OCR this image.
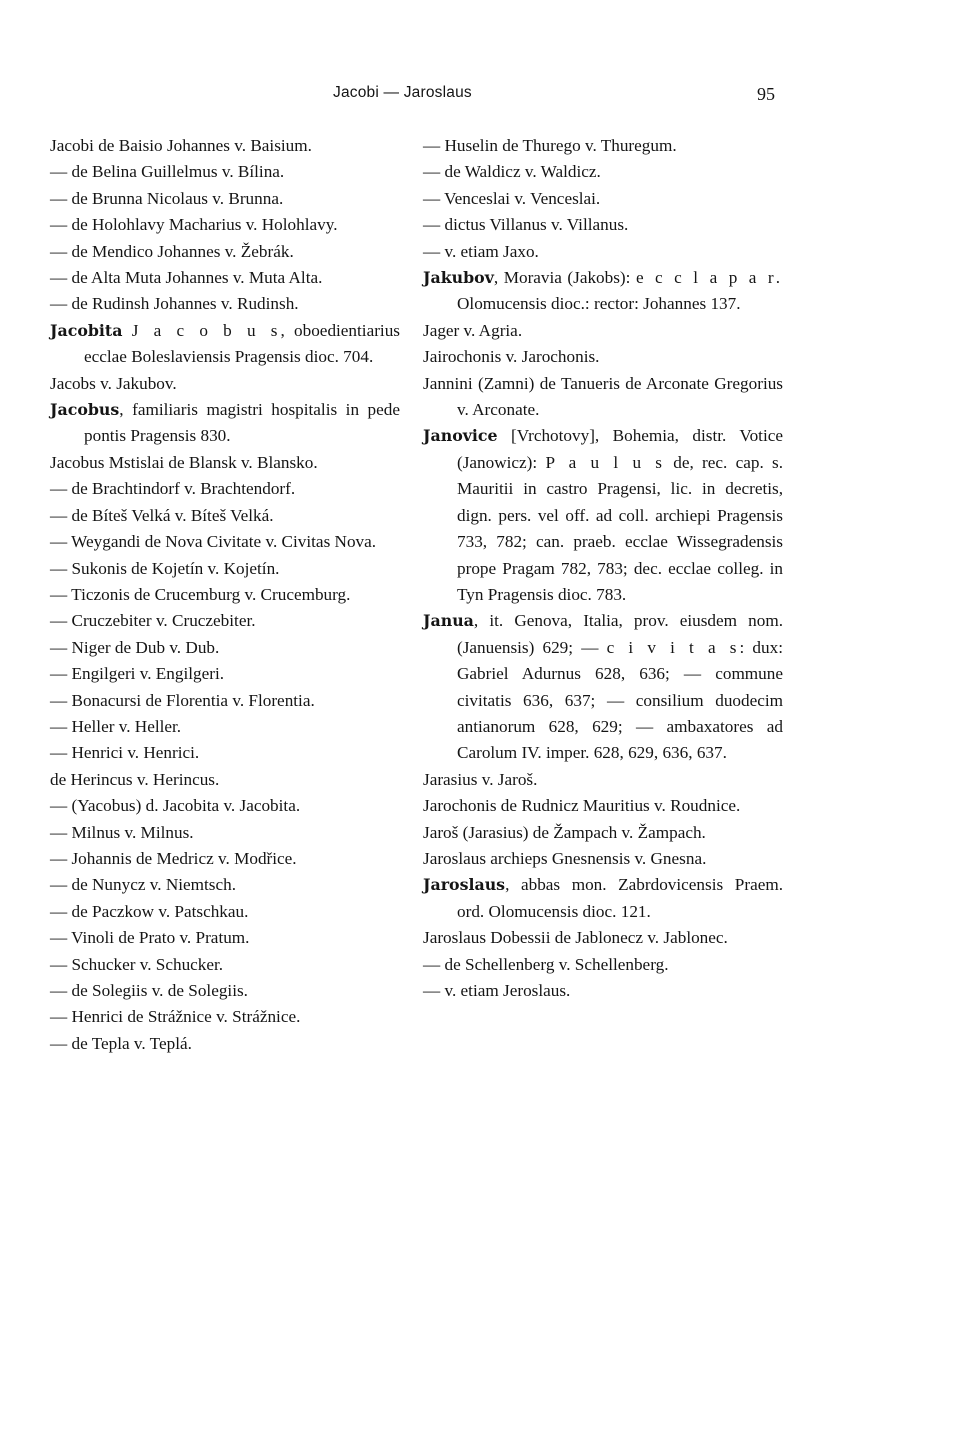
Jacobi — Jaroslaus	95
Jacobi de Baisio Johannes v. Baisium.
— de Belina Guillelmus v. Bílina.
— de Brunna Nicolaus v. Brunna.
— de Holohlavy Macharius v. Holohlavy.
— de Mendico Johannes v. Žebrák.
— de Alta Muta Johannes v. Muta Alta.
— de Rudinsh Johannes v. Rudinsh.
Jacobita J a c o b u s, oboedientiarius ecclae Boleslaviensis Pragensis dioc. 704.
Jacobs v. Jakubov.
Jacobus, familiaris magistri hospitalis in pede pontis Pragensis 830.
Jacobus Mstislai de Blansk v. Blansko.
— de Brachtindorf v. Brachtendorf.
— de Bíteš Velká v. Bíteš Velká.
— Weygandi de Nova Civitate v. Civitas Nova.
— Sukonis de Kojetín v. Kojetín.
— Ticzonis de Crucemburg v. Crucemburg.
— Cruczebiter v. Cruczebiter.
— Niger de Dub v. Dub.
— Engilgeri v. Engilgeri.
— Bonacursi de Florentia v. Florentia.
— Heller v. Heller.
— Henrici v. Henrici.
de Herincus v. Herincus.
— (Yacobus) d. Jacobita v. Jacobita.
— Milnus v. Milnus.
— Johannis de Medricz v. Modřice.
— de Nunycz v. Niemtsch.
— de Paczkow v. Patschkau.
— Vinoli de Prato v. Pratum.
— Schucker v. Schucker.
— de Solegiis v. de Solegiis.
— Henrici de Strážnice v. Strážnice.
— de Tepla v. Teplá.
— Huselin de Thurego v. Thuregum.
— de Waldicz v. Waldicz.
— Venceslai v. Venceslai.
— dictus Villanus v. Villanus.
— v. etiam Jaxo.
Jakubov, Moravia (Jakobs): e c c l a p a r. Olomucensis dioc.: rector: Johannes 137.
Jager v. Agria.
Jairochonis v. Jarochonis.
Jannini (Zamni) de Tanueris de Arconate Gregorius v. Arconate.
Janovice [Vrchotovy], Bohemia, distr. Votice (Janowicz): P a u l u s de, rec. cap. s. Mauritii in castro Pragensi, lic. in decretis, dign. pers. vel off. ad coll. archiepi Pragensis 733, 782; can. praeb. ecclae Wissegradensis prope Pragam 782, 783; dec. ecclae colleg. in Tyn Pragensis dioc. 783.
Janua, it. Genova, Italia, prov. eiusdem nom. (Januensis) 629; — c i v i t a s: dux: Gabriel Adurnus 628, 636; — commune civitatis 636, 637; — consilium duodecim antianorum 628, 629; — ambaxatores ad Carolum IV. imper. 628, 629, 636, 637.
Jarasius v. Jaroš.
Jarochonis de Rudnicz Mauritius v. Roudnice.
Jaroš (Jarasius) de Žampach v. Žampach.
Jaroslaus archieps Gnesnensis v. Gnesna.
Jaroslaus, abbas mon. Zabrdovicensis Praem. ord. Olomucensis dioc. 121.
Jaroslaus Dobessii de Jablonecz v. Jablonec.
— de Schellenberg v. Schellenberg.
— v. etiam Jeroslaus.
